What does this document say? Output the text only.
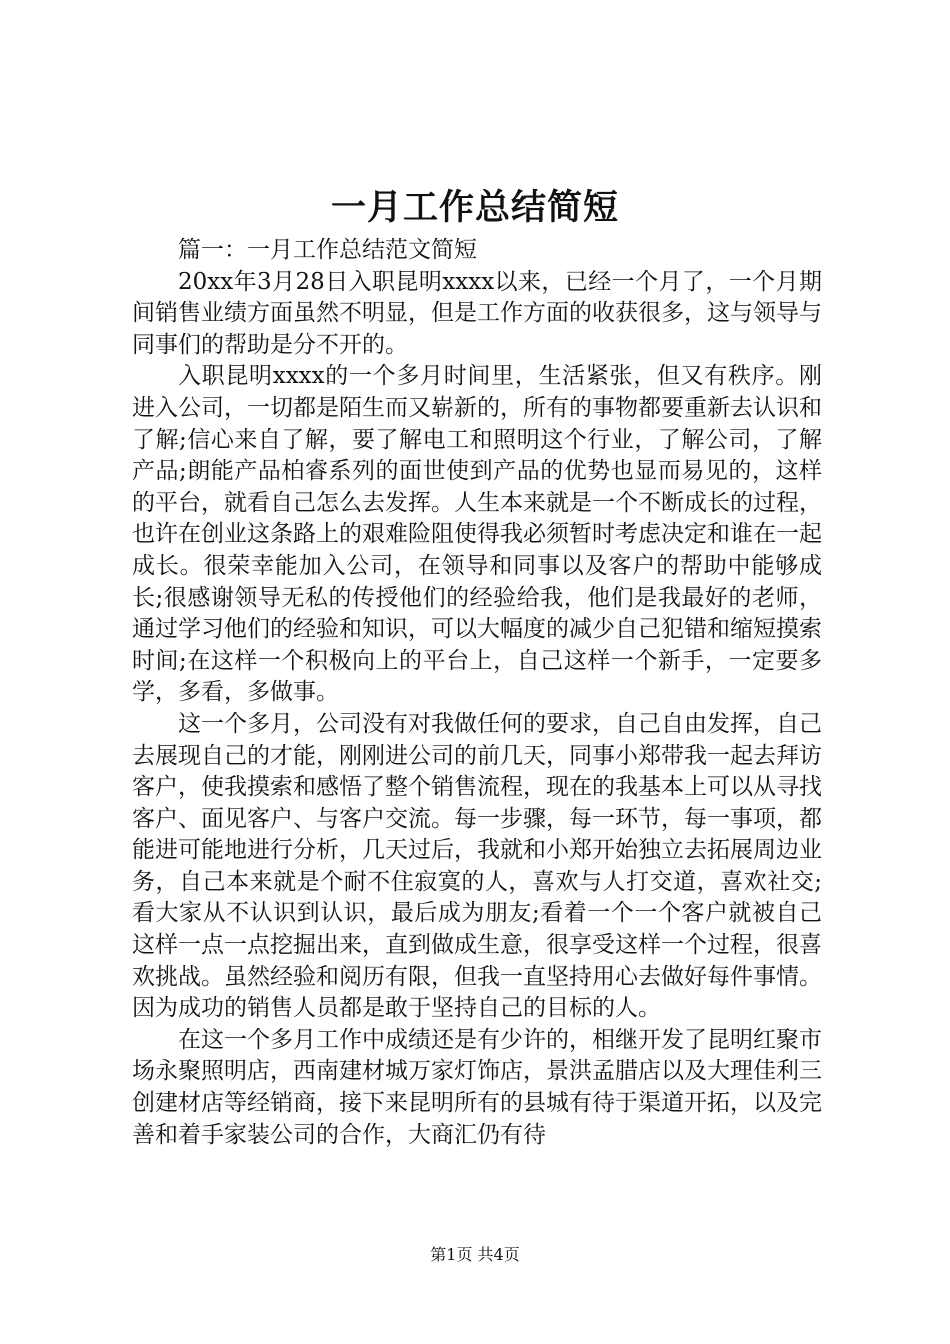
一月工作总结简短

篇一：一月工作总结范文简短

20xx年3月28日入职昆明xxxx以来，已经一个月了，一个月期间销售业绩方面虽然不明显，但是工作方面的收获很多，这与领导与同事们的帮助是分不开的。

入职昆明xxxx的一个多月时间里，生活紧张，但又有秩序。刚进入公司，一切都是陌生而又崭新的，所有的事物都要重新去认识和了解;信心来自了解，要了解电工和照明这个行业，了解公司，了解产品;朗能产品柏睿系列的面世使到产品的优势也显而易见的，这样的平台，就看自己怎么去发挥。人生本来就是一个不断成长的过程，也许在创业这条路上的艰难险阻使得我必须暂时考虑决定和谁在一起成长。很荣幸能加入公司，在领导和同事以及客户的帮助中能够成长;很感谢领导无私的传授他们的经验给我，他们是我最好的老师，通过学习他们的经验和知识，可以大幅度的减少自己犯错和缩短摸索时间;在这样一个积极向上的平台上，自己这样一个新手，一定要多学，多看，多做事。

这一个多月，公司没有对我做任何的要求，自己自由发挥，自己去展现自己的才能，刚刚进公司的前几天，同事小郑带我一起去拜访客户，使我摸索和感悟了整个销售流程，现在的我基本上可以从寻找客户、面见客户、与客户交流。每一步骤，每一环节，每一事项，都能进可能地进行分析，几天过后，我就和小郑开始独立去拓展周边业务，自己本来就是个耐不住寂寞的人，喜欢与人打交道，喜欢社交;看大家从不认识到认识，最后成为朋友;看着一个一个客户就被自己这样一点一点挖掘出来，直到做成生意，很享受这样一个过程，很喜欢挑战。虽然经验和阅历有限，但我一直坚持用心去做好每件事情。因为成功的销售人员都是敢于坚持自己的目标的人。

在这一个多月工作中成绩还是有少许的，相继开发了昆明红聚市场永聚照明店，西南建材城万家灯饰店，景洪孟腊店以及大理佳利三创建材店等经销商，接下来昆明所有的县城有待于渠道开拓，以及完善和着手家装公司的合作，大商汇仍有待

第1页 共4页
